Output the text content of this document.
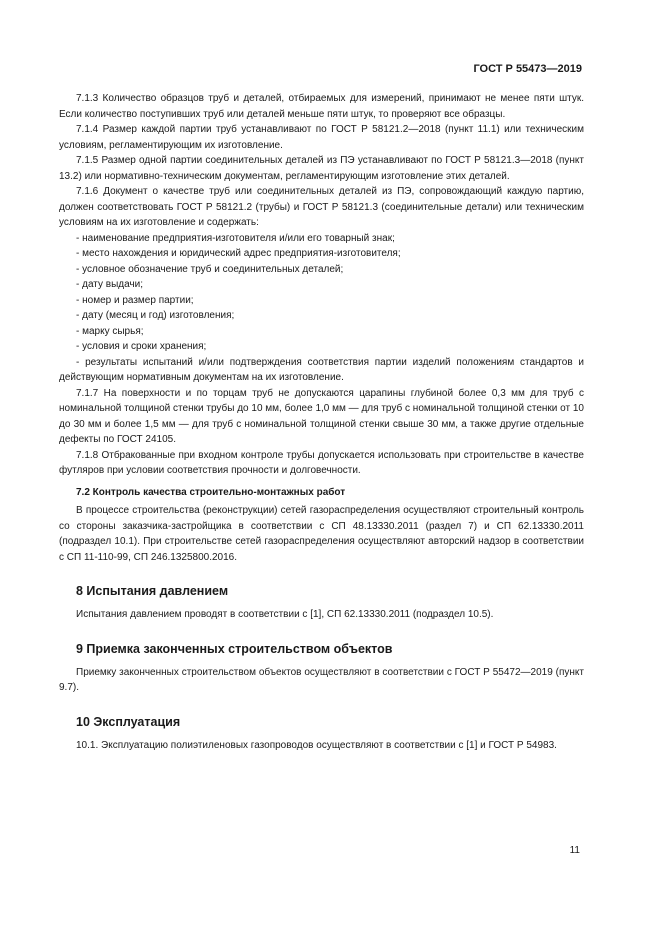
ГОСТ Р 55473—2019

7.1.3 Количество образцов труб и деталей, отбираемых для измерений, принимают не менее пяти штук. Если количество поступивших труб или деталей меньше пяти штук, то проверяют все образцы.

7.1.4 Размер каждой партии труб устанавливают по ГОСТ Р 58121.2—2018 (пункт 11.1) или техническим условиям, регламентирующим их изготовление.

7.1.5 Размер одной партии соединительных деталей из ПЭ устанавливают по ГОСТ Р 58121.3—2018 (пункт 13.2) или нормативно-техническим документам, регламентирующим изготовление этих деталей.

7.1.6 Документ о качестве труб или соединительных деталей из ПЭ, сопровождающий каждую партию, должен соответствовать ГОСТ Р 58121.2 (трубы) и ГОСТ Р 58121.3 (соединительные детали) или техническим условиям на их изготовление и содержать:

- наименование предприятия-изготовителя и/или его товарный знак;

- место нахождения и юридический адрес предприятия-изготовителя;

- условное обозначение труб и соединительных деталей;

- дату выдачи;

- номер и размер партии;

- дату (месяц и год) изготовления;

- марку сырья;

- условия и сроки хранения;

- результаты испытаний и/или подтверждения соответствия партии изделий положениям стандартов и действующим нормативным документам на их изготовление.

7.1.7 На поверхности и по торцам труб не допускаются царапины глубиной более 0,3 мм для труб с номинальной толщиной стенки трубы до 10 мм, более 1,0 мм — для труб с номинальной толщиной стенки от 10 до 30 мм и более 1,5 мм — для труб с номинальной толщиной стенки свыше 30 мм, а также другие отдельные дефекты по ГОСТ 24105.

7.1.8 Отбракованные при входном контроле трубы допускается использовать при строительстве в качестве футляров при условии соответствия прочности и долговечности.

7.2 Контроль качества строительно-монтажных работ

В процессе строительства (реконструкции) сетей газораспределения осуществляют строительный контроль со стороны заказчика-застройщика в соответствии с СП 48.13330.2011 (раздел 7) и СП 62.13330.2011 (подраздел 10.1). При строительстве сетей газораспределения осуществляют авторский надзор в соответствии с СП 11-110-99, СП 246.1325800.2016.

8 Испытания давлением

Испытания давлением проводят в соответствии с [1], СП 62.13330.2011 (подраздел 10.5).

9 Приемка законченных строительством объектов

Приемку законченных строительством объектов осуществляют в соответствии с ГОСТ Р 55472—2019 (пункт 9.7).

10 Эксплуатация

10.1. Эксплуатацию полиэтиленовых газопроводов осуществляют в соответствии с [1] и ГОСТ Р 54983.

11
